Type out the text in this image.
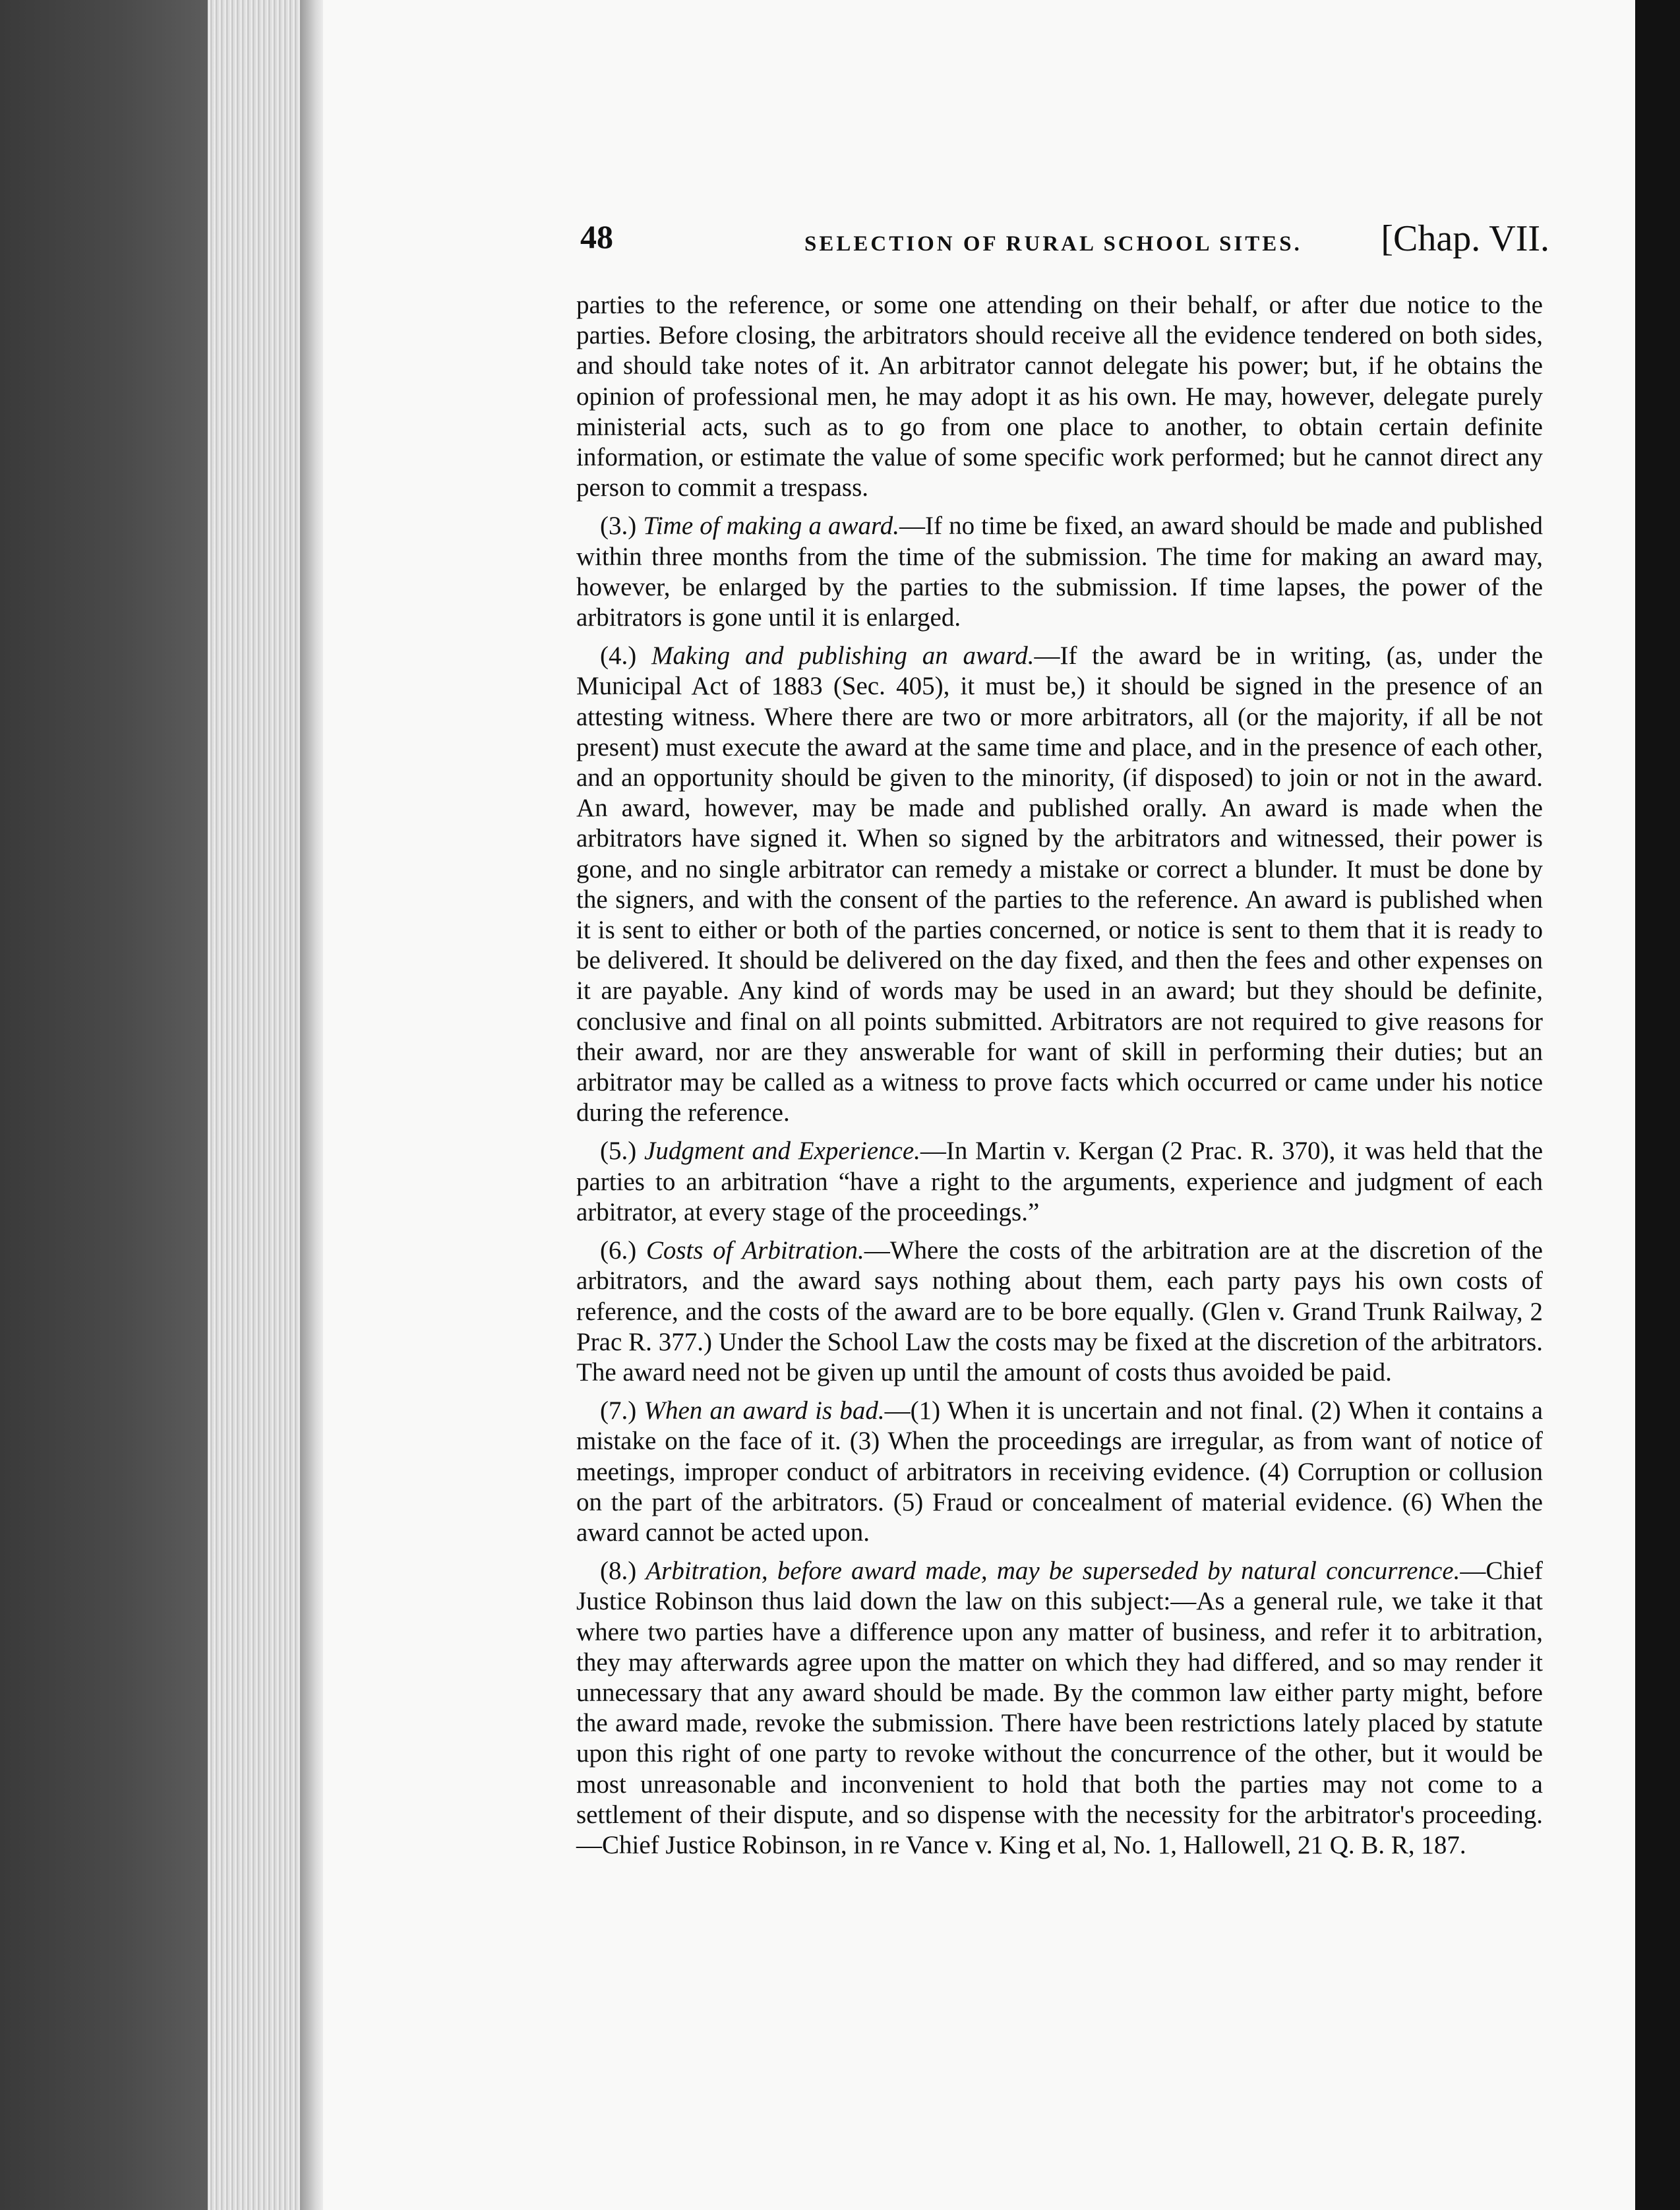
48	SELECTION OF RURAL SCHOOL SITES. [Chap. VII.

parties to the reference, or some one attending on their behalf, or after due notice to the parties. Before closing, the arbitrators should receive all the evidence tendered on both sides, and should take notes of it. An arbitrator cannot delegate his power; but, if he obtains the opinion of professional men, he may adopt it as his own. He may, however, delegate purely ministerial acts, such as to go from one place to another, to obtain certain definite information, or estimate the value of some specific work performed; but he cannot direct any person to commit a trespass.

(3.) Time of making a award.—If no time be fixed, an award should be made and published within three months from the time of the submission. The time for making an award may, however, be enlarged by the parties to the submission. If time lapses, the power of the arbitrators is gone until it is enlarged.

(4.) Making and publishing an award.—If the award be in writing, (as, under the Municipal Act of 1883 (Sec. 405), it must be,) it should be signed in the presence of an attesting witness. Where there are two or more arbitrators, all (or the majority, if all be not present) must execute the award at the same time and place, and in the presence of each other, and an opportunity should be given to the minority, (if disposed) to join or not in the award. An award, however, may be made and published orally. An award is made when the arbitrators have signed it. When so signed by the arbitrators and witnessed, their power is gone, and no single arbitrator can remedy a mistake or correct a blunder. It must be done by the signers, and with the consent of the parties to the reference. An award is published when it is sent to either or both of the parties concerned, or notice is sent to them that it is ready to be delivered. It should be delivered on the day fixed, and then the fees and other expenses on it are payable. Any kind of words may be used in an award; but they should be definite, conclusive and final on all points submitted. Arbitrators are not required to give reasons for their award, nor are they answerable for want of skill in performing their duties; but an arbitrator may be called as a witness to prove facts which occurred or came under his notice during the reference.

(5.) Judgment and Experience.—In Martin v. Kergan (2 Prac. R. 370), it was held that the parties to an arbitration “have a right to the arguments, experience and judgment of each arbitrator, at every stage of the proceedings.”

(6.) Costs of Arbitration.—Where the costs of the arbitration are at the discretion of the arbitrators, and the award says nothing about them, each party pays his own costs of reference, and the costs of the award are to be bore equally. (Glen v. Grand Trunk Railway, 2 Prac R. 377.) Under the School Law the costs may be fixed at the discretion of the arbitrators. The award need not be given up until the amount of costs thus avoided be paid.

(7.) When an award is bad.—(1) When it is uncertain and not final. (2) When it contains a mistake on the face of it. (3) When the proceedings are irregular, as from want of notice of meetings, improper conduct of arbitrators in receiving evidence. (4) Corruption or collusion on the part of the arbitrators. (5) Fraud or concealment of material evidence. (6) When the award cannot be acted upon.

(8.) Arbitration, before award made, may be superseded by natural concurrence.—Chief Justice Robinson thus laid down the law on this subject:—As a general rule, we take it that where two parties have a difference upon any matter of business, and refer it to arbitration, they may afterwards agree upon the matter on which they had differed, and so may render it unnecessary that any award should be made. By the common law either party might, before the award made, revoke the submission. There have been restrictions lately placed by statute upon this right of one party to revoke without the concurrence of the other, but it would be most unreasonable and inconvenient to hold that both the parties may not come to a settlement of their dispute, and so dispense with the necessity for the arbitrator's proceeding.—Chief Justice Robinson, in re Vance v. King et al, No. 1, Hallowell, 21 Q. B. R, 187.
